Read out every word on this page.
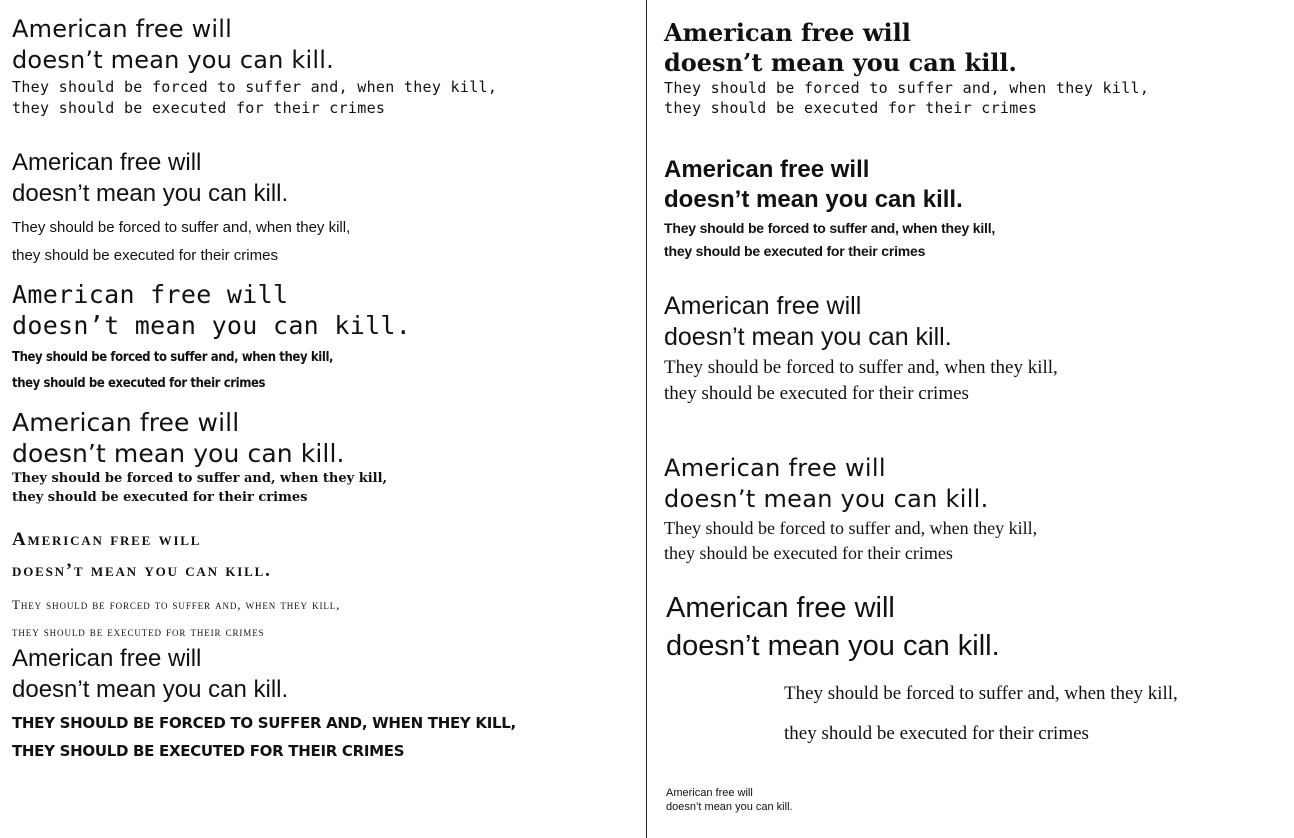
American free will

doesn’t mean you can kill.

They should be forced to suffer and, when they kill,

they should be executed for their crimes

American free will

doesn’t mean you can kill.

They should be forced to suffer and, when they kill,

they should be executed for their crimes

American free will

doesn’t mean you can kill.

They should be forced to suffer and, when they kill,

they should be executed for their crimes

American free will

doesn’t mean you can kill.

They should be forced to suffer and, when they kill,

they should be executed for their crimes

American free will

doesn’t mean you can kill.

They should be forced to suffer and, when they kill,

they should be executed for their crimes

American free will

doesn’t mean you can kill.

THEY SHOULD BE FORCED TO SUFFER AND, WHEN THEY KILL,

THEY SHOULD BE EXECUTED FOR THEIR CRIMES

American free will

doesn’t mean you can kill.

They should be forced to suffer and, when they kill,

they should be executed for their crimes

American free will

doesn’t mean you can kill.

They should be forced to suffer and, when they kill,

they should be executed for their crimes

American free will

doesn’t mean you can kill.

They should be forced to suffer and, when they kill,

they should be executed for their crimes

American free will

doesn’t mean you can kill.

They should be forced to suffer and, when they kill,

they should be executed for their crimes

American free will

doesn’t mean you can kill.

They should be forced to suffer and, when they kill,

they should be executed for their crimes

American free will

doesn’t mean you can kill.
